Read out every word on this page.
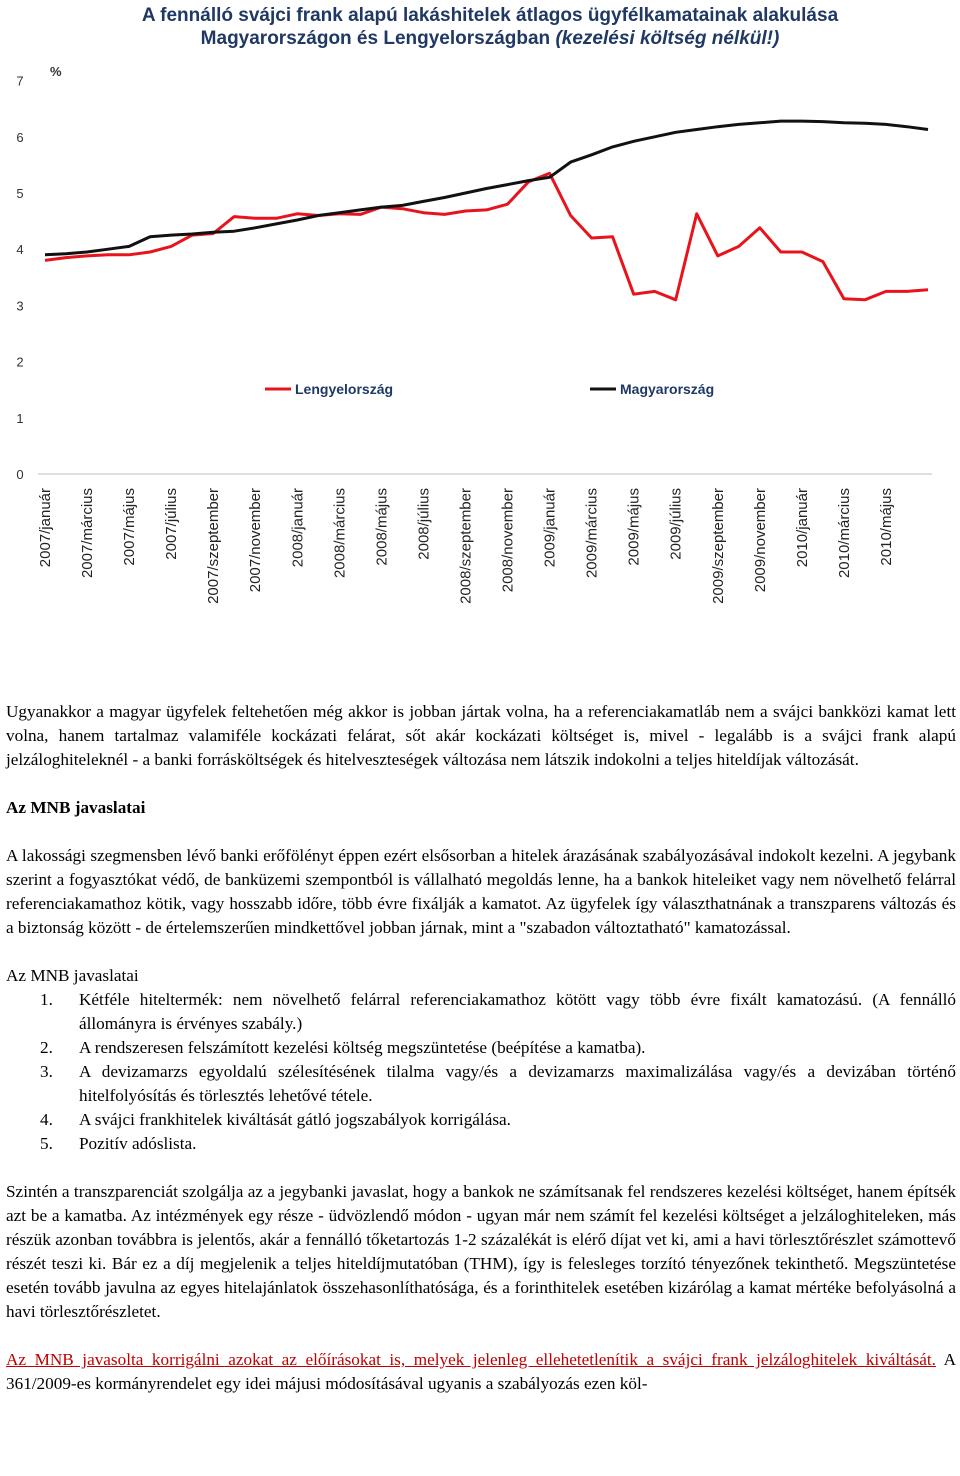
%
0
1
2
3
4
5
6
7
2007/január 2007/március 2007/május 2007/július 2007/szeptember 2007/november 2008/január 2008/március 2008/május 2008/július 2008/szeptember 2008/november 2009/január 2009/március 2009/május 2009/július 2009/szeptember 2009/november 2010/január 2010/március 2010/május
Lengyelország	Magyarország
A fennálló svájci frank alapú lakáshitelek átlagos ügyfélkamatainak alakulása
Magyarországon és Lengyelországban (kezelési költség nélkül!)

Ugyanakkor a magyar ügyfelek feltehetően még akkor is jobban jártak volna, ha a referenciakamatláb nem a svájci bankközi kamat lett volna, hanem tartalmaz valamiféle kockázati felárat, sőt akár kockázati költséget is, mivel - legalább is a svájci frank alapú jelzáloghiteleknél - a banki forrásköltségek és hitelveszteségek változása nem látszik indokolni a teljes hiteldíjak változását.

Az MNB javaslatai

A lakossági szegmensben lévő banki erőfölényt éppen ezért elsősorban a hitelek árazásának szabályozásával indokolt kezelni. A jegybank szerint a fogyasztókat védő, de banküzemi szempontból is vállalható megoldás lenne, ha a bankok hiteleiket vagy nem növelhető felárral referenciakamathoz kötik, vagy hosszabb időre, több évre fixálják a kamatot. Az ügyfelek így választhatnának a transzparens változás és a biztonság között - de értelemszerűen mindkettővel jobban járnak, mint a "szabadon változtatható" kamatozással.

Az MNB javaslatai

1. Kétféle hiteltermék: nem növelhető felárral referenciakamathoz kötött vagy több évre fixált kamatozású. (A fennálló állományra is érvényes szabály.)
2. A rendszeresen felszámított kezelési költség megszüntetése (beépítése a kamatba).
3. A devizamarzs egyoldalú szélesítésének tilalma vagy/és a devizamarzs maximalizálása vagy/és a devizában történő hitelfolyósítás és törlesztés lehetővé tétele.
4. A svájci frankhitelek kiváltását gátló jogszabályok korrigálása.
5. Pozitív adóslista.

Szintén a transzparenciát szolgálja az a jegybanki javaslat, hogy a bankok ne számítsanak fel rendszeres kezelési költséget, hanem építsék azt be a kamatba. Az intézmények egy része - üdvözlendő módon - ugyan már nem számít fel kezelési költséget a jelzáloghiteleken, más részük azonban továbbra is jelentős, akár a fennálló tőketartozás 1-2 százalékát is elérő díjat vet ki, ami a havi törlesztőrészlet számottevő részét teszi ki. Bár ez a díj megjelenik a teljes hiteldíjmutatóban (THM), így is felesleges torzító tényezőnek tekinthető. Megszüntetése esetén tovább javulna az egyes hitelajánlatok összehasonlíthatósága, és a forinthitelek esetében kizárólag a kamat mértéke befolyásolná a havi törlesztőrészletet.

Az MNB javasolta korrigálni azokat az előírásokat is, melyek jelenleg ellehetetlenítik a svájci frank jelzáloghitelek kiváltását. A 361/2009-es kormányrendelet egy idei májusi módosításával ugyanis a szabályozás ezen köl-
